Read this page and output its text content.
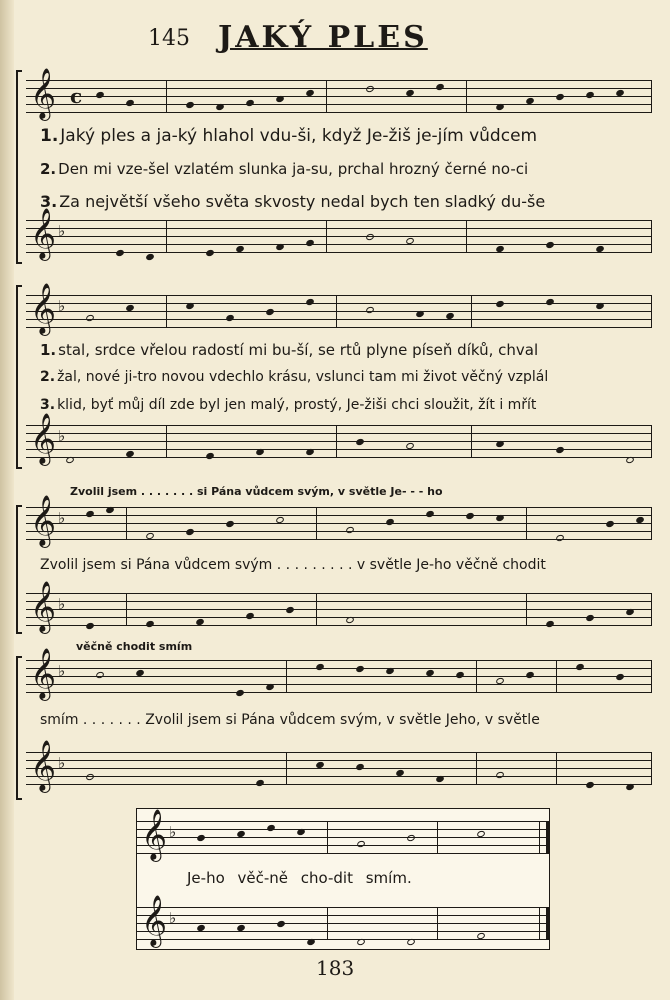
145 JAKÝ PLES
𝄞 c
1. Jaký ples a ja-ký hlahol vdu-ši, když Je-žiš je-jím vůdcem
2. Den mi vze-šel vzlatém slunka ja-su, prchal hrozný černé no-ci
3. Za největší všeho světa skvosty nedal bych ten sladký du-še
𝄞 ♭
𝄞 ♭
1. stal, srdce vřelou radostí mi bu-ší, se rtů plyne píseň díků, chval
2. žal, nové ji-tro novou vdechlo krásu, vslunci tam mi život věčný vzplál
3. klid, byť můj díl zde byl jen malý, prostý, Je-žiši chci sloužit, žít i mřít
𝄞 ♭
Zvolil jsem . . . . . . . si Pána vůdcem svým, v světle Je- - - ho
𝄞 ♭
Zvolil jsem si Pána vůdcem svým . . . . . . . . . v světle Je-ho věčně chodit
𝄞 ♭
věčně chodit smím
𝄞 ♭
smím . . . . . . . Zvolil jsem si Pána vůdcem svým, v světle Jeho, v světle
𝄞 ♭
𝄞 ♭
Je-ho věč-ně cho-dit smím.
𝄞 ♭
183
